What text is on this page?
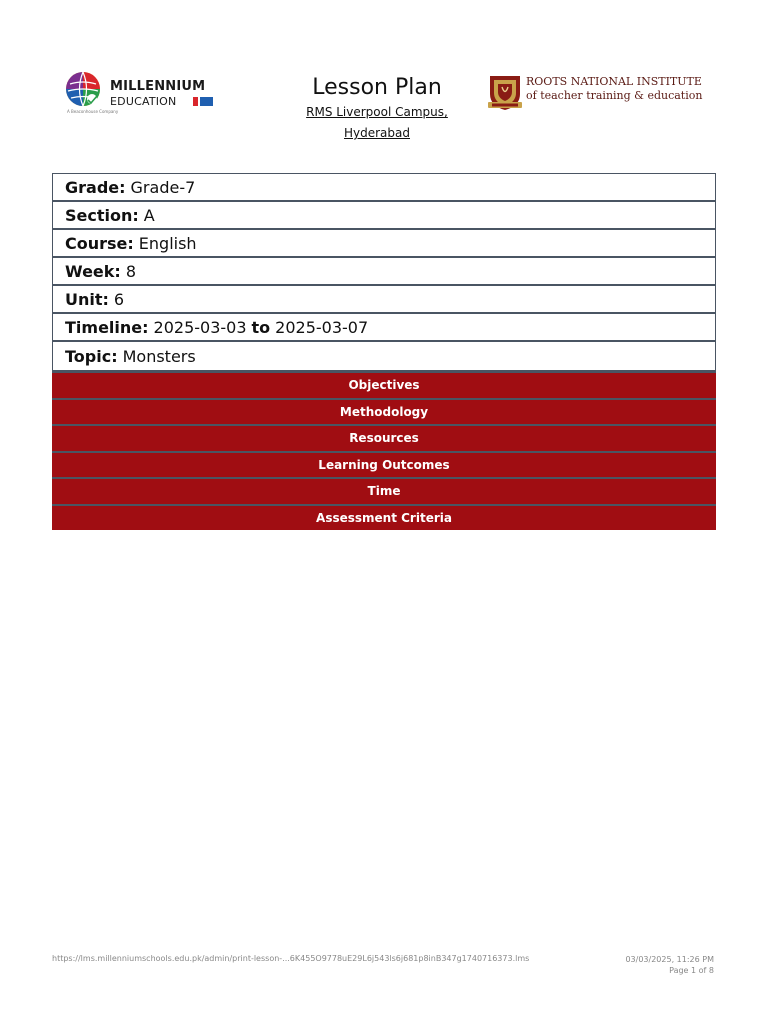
MILLENNIUM
EDUCATION
A Beaconhouse Company
Lesson Plan
RMS Liverpool Campus,
Hyderabad
ROOTS NATIONAL INSTITUTE
of teacher training & education
Grade: Grade-7
Section: A
Course: English
Week: 8
Unit: 6
Timeline: 2025-03-03 to 2025-03-07
Topic: Monsters
Objectives
Methodology
Resources
Learning Outcomes
Time
Assessment Criteria
https://lms.millenniumschools.edu.pk/admin/print-lesson-...6K455O9778uE29L6j543ls6j681p8inB347g1740716373.lms	03/03/2025, 11:26 PM
Page 1 of 8
